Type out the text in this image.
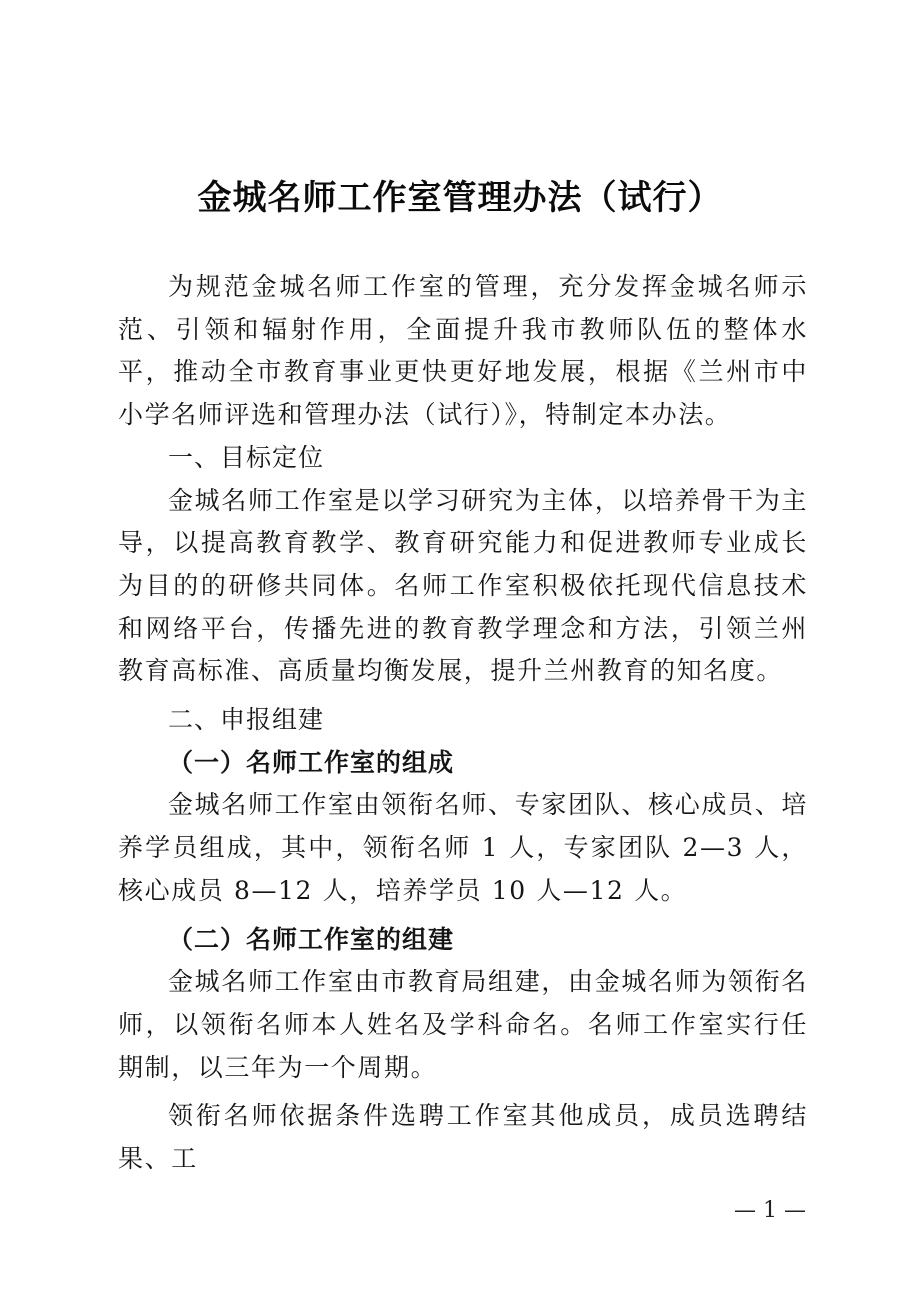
金城名师工作室管理办法（试行）

为规范金城名师工作室的管理，充分发挥金城名师示范、引领和辐射作用，全面提升我市教师队伍的整体水平，推动全市教育事业更快更好地发展，根据《兰州市中小学名师评选和管理办法（试行）》，特制定本办法。

一、目标定位

金城名师工作室是以学习研究为主体，以培养骨干为主导，以提高教育教学、教育研究能力和促进教师专业成长为目的的研修共同体。名师工作室积极依托现代信息技术和网络平台，传播先进的教育教学理念和方法，引领兰州教育高标准、高质量均衡发展，提升兰州教育的知名度。

二、申报组建

（一）名师工作室的组成

金城名师工作室由领衔名师、专家团队、核心成员、培养学员组成，其中，领衔名师 1 人，专家团队 2—3 人，核心成员 8—12 人，培养学员 10 人—12 人。

（二）名师工作室的组建

金城名师工作室由市教育局组建，由金城名师为领衔名师，以领衔名师本人姓名及学科命名。名师工作室实行任期制，以三年为一个周期。

领衔名师依据条件选聘工作室其他成员，成员选聘结果、工

— 1 —
